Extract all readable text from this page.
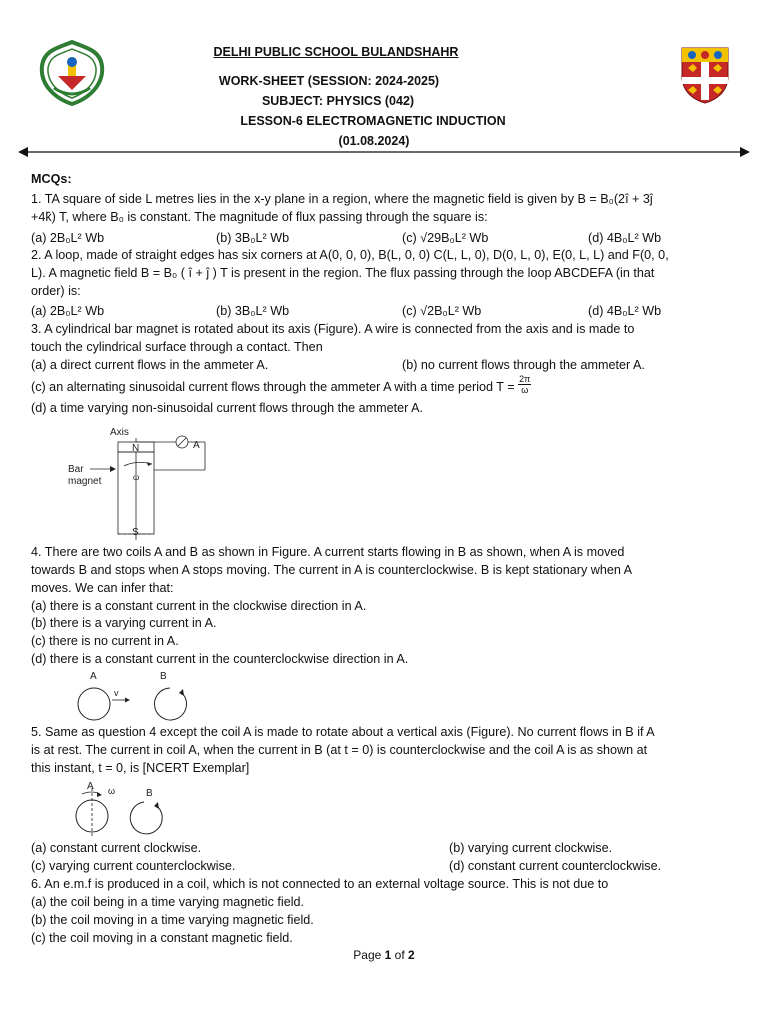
DELHI PUBLIC SCHOOL BULANDSHAHR
WORK-SHEET (SESSION: 2024-2025)
SUBJECT: PHYSICS (042)
LESSON-6 ELECTROMAGNETIC INDUCTION
(01.08.2024)
MCQs:
1. TA square of side L metres lies in the x-y plane in a region, where the magnetic field is given by B = B₀(2î + 3ĵ
+4k̂) T, where B₀ is constant. The magnitude of flux passing through the square is:
(a) 2B₀L² Wb	(b) 3B₀L² Wb	(c) √29B₀L² Wb	(d) 4B₀L² Wb
2. A loop, made of straight edges has six corners at A(0, 0, 0), B(L, 0, 0) C(L, L, 0), D(0, L, 0), E(0, L, L) and F(0, 0,
L). A magnetic field B = B₀ ( î + ĵ ) T is present in the region. The flux passing through the loop ABCDEFA (in that
order) is:
(a) 2B₀L² Wb	(b) 3B₀L² Wb	(c) √2B₀L² Wb	(d) 4B₀L² Wb
3. A cylindrical bar magnet is rotated about its axis (Figure). A wire is connected from the axis and is made to
touch the cylindrical surface through a contact. Then
(a) a direct current flows in the ammeter A.	(b) no current flows through the ammeter A.
(c) an alternating sinusoidal current flows through the ammeter A with a time period $T = \frac{2\pi}{\omega}$
(d) a time varying non-sinusoidal current flows through the ammeter A.
Axis
N
S
ω
A
Bar
magnet
4. There are two coils A and B as shown in Figure. A current starts flowing in B as shown, when A is moved
towards B and stops when A stops moving. The current in A is counterclockwise. B is kept stationary when A
moves. We can infer that:
(a) there is a constant current in the clockwise direction in A.
(b) there is a varying current in A.
(c) there is no current in A.
(d) there is a constant current in the counterclockwise direction in A.
A	B
v
5. Same as question 4 except the coil A is made to rotate about a vertical axis (Figure). No current flows in B if A
is at rest. The current in coil A, when the current in B (at t = 0) is counterclockwise and the coil A is as shown at
this instant, t = 0, is [NCERT Exemplar]
A ω	B
(a) constant current clockwise.	(b) varying current clockwise.
(c) varying current counterclockwise.	(d) constant current counterclockwise.
6. An e.m.f is produced in a coil, which is not connected to an external voltage source. This is not due to
(a) the coil being in a time varying magnetic field.
(b) the coil moving in a time varying magnetic field.
(c) the coil moving in a constant magnetic field.
Page 1 of 2
